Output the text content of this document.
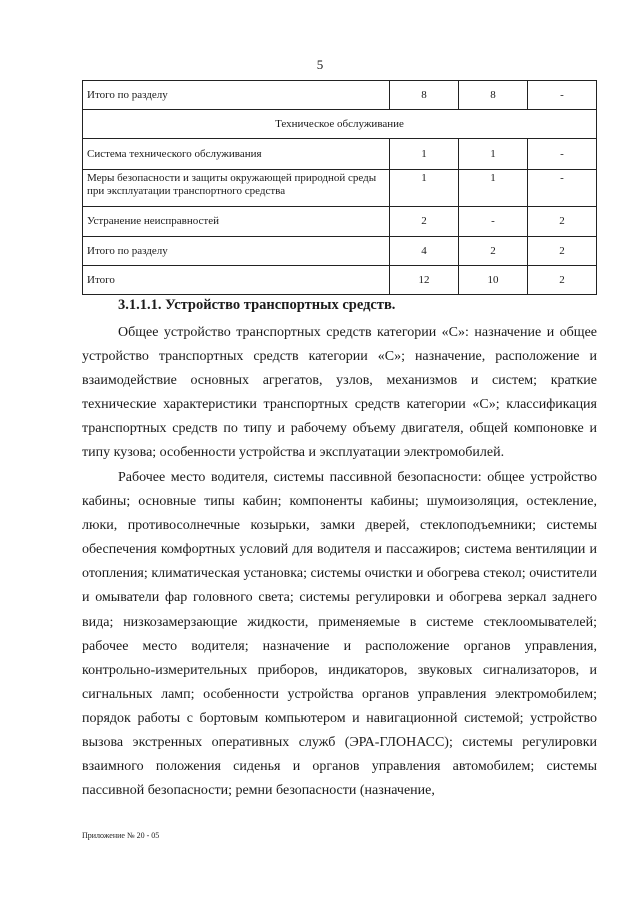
5
Итого по разделу	8	8	-
Техническое обслуживание			
Система технического обслуживания	1	1	-
Меры безопасности и защиты окружающей природной среды при эксплуатации транспортного средства	1	1	-
Устранение неисправностей	2	-	2
Итого по разделу	4	2	2
Итого	12	10	2
3.1.1.1. Устройство транспортных средств.

Общее устройство транспортных средств категории «С»: назначение и общее устройство транспортных средств категории «С»; назначение, расположение и взаимодействие основных агрегатов, узлов, механизмов и систем; краткие технические характеристики транспортных средств категории «С»; классификация транспортных средств по типу и рабочему объему двигателя, общей компоновке и типу кузова; особенности устройства и эксплуатации электромобилей.

Рабочее место водителя, системы пассивной безопасности: общее устройство кабины; основные типы кабин; компоненты кабины; шумоизоляция, остекление, люки, противосолнечные козырьки, замки дверей, стеклоподъемники; системы обеспечения комфортных условий для водителя и пассажиров; система вентиляции и отопления; климатическая установка; системы очистки и обогрева стекол; очистители и омыватели фар головного света; системы регулировки и обогрева зеркал заднего вида; низкозамерзающие жидкости, применяемые в системе стеклоомывателей; рабочее место водителя; назначение и расположение органов управления, контрольно-измерительных приборов, индикаторов, звуковых сигнализаторов, и сигнальных ламп; особенности устройства органов управления электромобилем; порядок работы с бортовым компьютером и навигационной системой; устройство вызова экстренных оперативных служб (ЭРА-ГЛОНАСС); системы регулировки взаимного положения сиденья и органов управления автомобилем; системы пассивной безопасности; ремни безопасности (назначение,

Приложение № 20 - 05
